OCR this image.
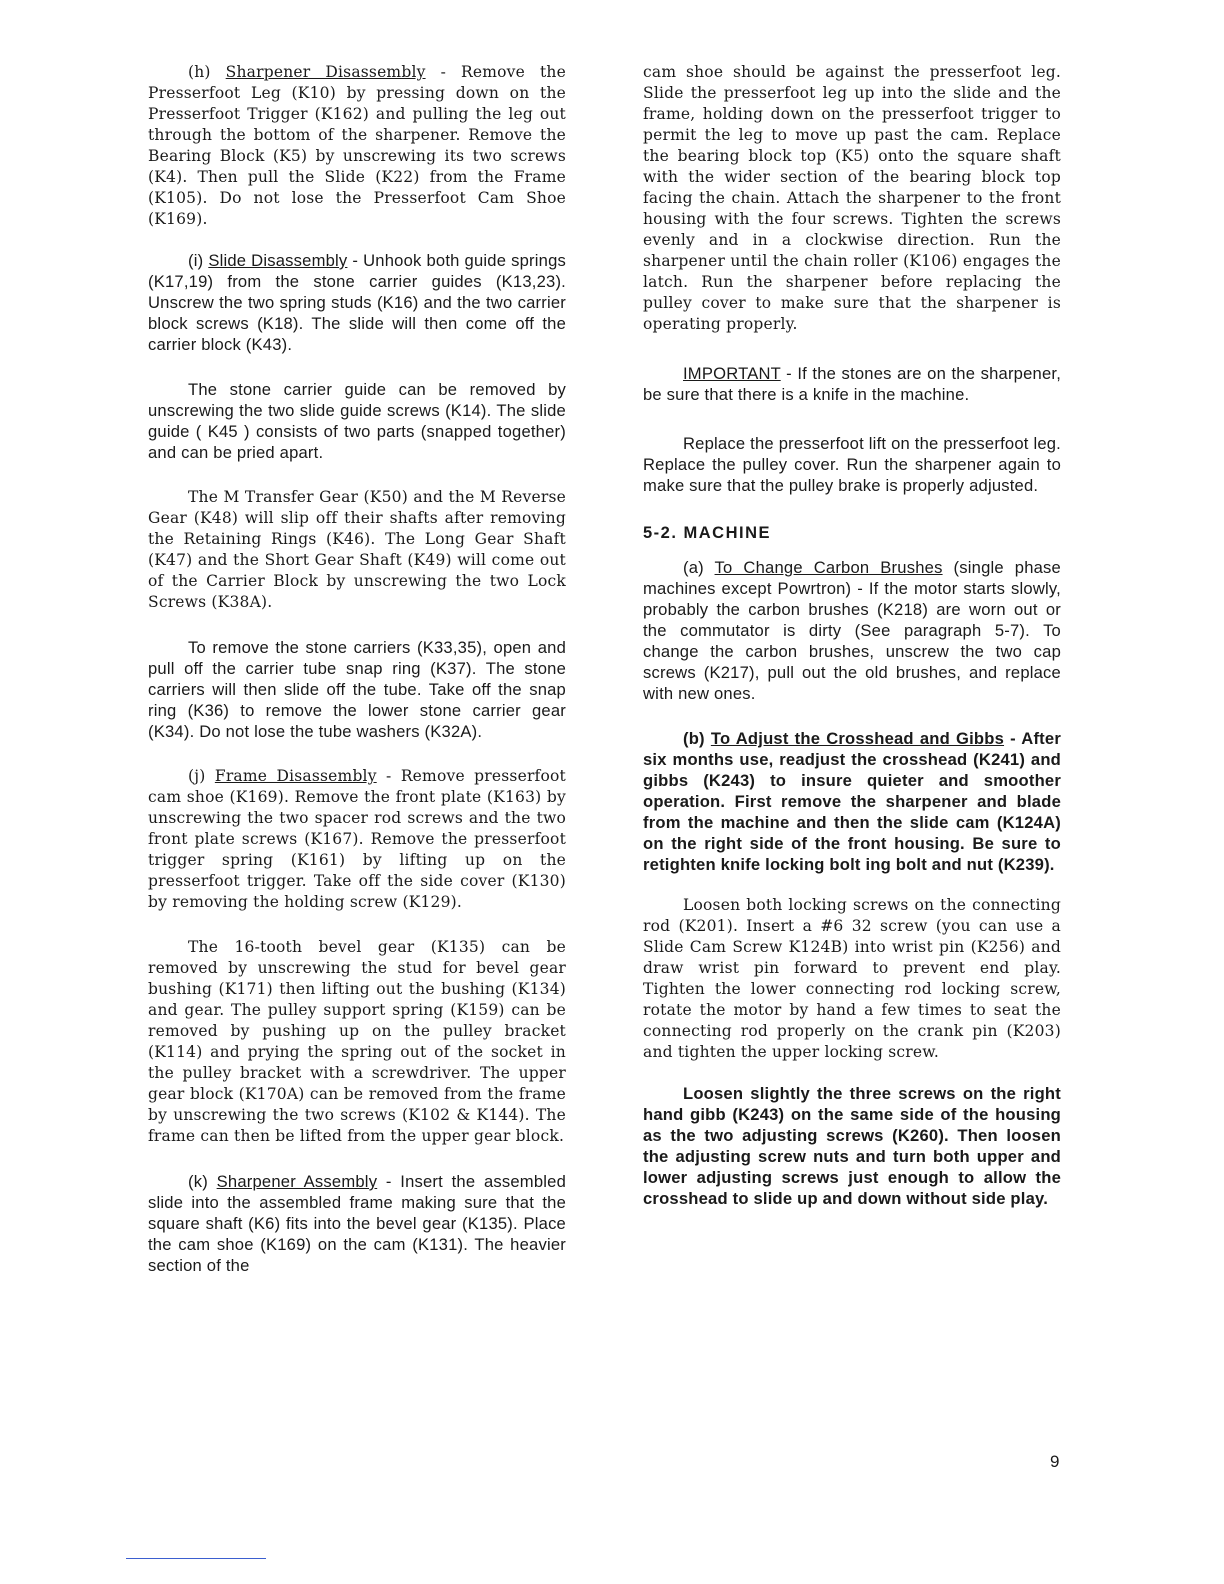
(h) Sharpener Disassembly - Remove the Presserfoot Leg (K10) by pressing down on the Presserfoot Trigger (K162) and pulling the leg out through the bottom of the sharpener. Remove the Bearing Block (K5) by unscrewing its two screws (K4). Then pull the Slide (K22) from the Frame (K105). Do not lose the Presserfoot Cam Shoe (K169).

(i) Slide Disassembly - Unhook both guide springs (K17,19) from the stone carrier guides (K13,23). Unscrew the two spring studs (K16) and the two carrier block screws (K18). The slide will then come off the carrier block (K43).

The stone carrier guide can be removed by unscrewing the two slide guide screws (K14). The slide guide ( K45 ) consists of two parts (snapped together) and can be pried apart.

The M Transfer Gear (K50) and the M Reverse Gear (K48) will slip off their shafts after removing the Retaining Rings (K46). The Long Gear Shaft (K47) and the Short Gear Shaft (K49) will come out of the Carrier Block by unscrewing the two Lock Screws (K38A).

To remove the stone carriers (K33,35), open and pull off the carrier tube snap ring (K37). The stone carriers will then slide off the tube. Take off the snap ring (K36) to remove the lower stone carrier gear (K34). Do not lose the tube washers (K32A).

(j) Frame Disassembly - Remove presserfoot cam shoe (K169). Remove the front plate (K163) by unscrewing the two spacer rod screws and the two front plate screws (K167). Remove the presserfoot trigger spring (K161) by lifting up on the presserfoot trigger. Take off the side cover (K130) by removing the holding screw (K129).

The 16-tooth bevel gear (K135) can be removed by unscrewing the stud for bevel gear bushing (K171) then lifting out the bushing (K134) and gear. The pulley support spring (K159) can be removed by pushing up on the pulley bracket (K114) and prying the spring out of the socket in the pulley bracket with a screwdriver. The upper gear block (K170A) can be removed from the frame by unscrewing the two screws (K102 & K144). The frame can then be lifted from the upper gear block.

(k) Sharpener Assembly - Insert the assembled slide into the assembled frame making sure that the square shaft (K6) fits into the bevel gear (K135). Place the cam shoe (K169) on the cam (K131). The heavier section of the

cam shoe should be against the presserfoot leg. Slide the presserfoot leg up into the slide and the frame, holding down on the presserfoot trigger to permit the leg to move up past the cam. Replace the bearing block top (K5) onto the square shaft with the wider section of the bearing block top facing the chain. Attach the sharpener to the front housing with the four screws. Tighten the screws evenly and in a clockwise direction. Run the sharpener until the chain roller (K106) engages the latch. Run the sharpener before replacing the pulley cover to make sure that the sharpener is operating properly.

IMPORTANT - If the stones are on the sharpener, be sure that there is a knife in the machine.

Replace the presserfoot lift on the presserfoot leg. Replace the pulley cover. Run the sharpener again to make sure that the pulley brake is properly adjusted.

5-2. MACHINE

(a) To Change Carbon Brushes (single phase machines except Powrtron) - If the motor starts slowly, probably the carbon brushes (K218) are worn out or the commutator is dirty (See paragraph 5-7). To change the carbon brushes, unscrew the two cap screws (K217), pull out the old brushes, and replace with new ones.

(b) To Adjust the Crosshead and Gibbs - After six months use, readjust the crosshead (K241) and gibbs (K243) to insure quieter and smoother operation. First remove the sharpener and blade from the machine and then the slide cam (K124A) on the right side of the front housing. Be sure to retighten knife locking bolt ing bolt and nut (K239).

Loosen both locking screws on the connecting rod (K201). Insert a #6 32 screw (you can use a Slide Cam Screw K124B) into wrist pin (K256) and draw wrist pin forward to prevent end play. Tighten the lower connecting rod locking screw, rotate the motor by hand a few times to seat the connecting rod properly on the crank pin (K203) and tighten the upper locking screw.

Loosen slightly the three screws on the right hand gibb (K243) on the same side of the housing as the two adjusting screws (K260). Then loosen the adjusting screw nuts and turn both upper and lower adjusting screws just enough to allow the crosshead to slide up and down without side play.

9
